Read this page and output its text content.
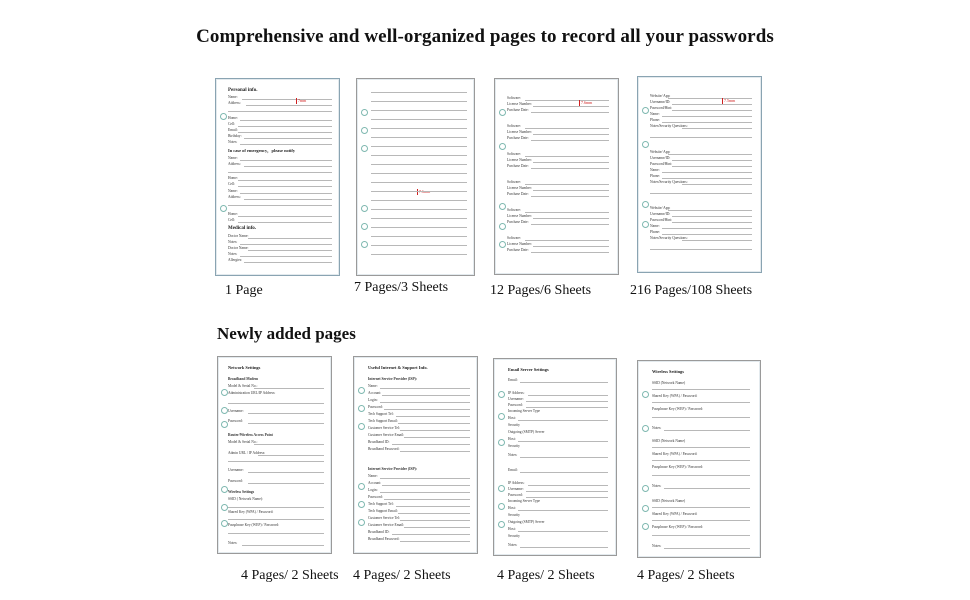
Comprehensive and well-organized pages to record all your passwords
Personal info.
Name:
Address:	7mm
Home:
Cell:
Email:
Birthday:
Notes:
In case of emergency，please notify
Name:
Address:
Home:
Cell:
Name:
Address:
Home:
Cell:
Medical info.
Doctor Name:
Notes:
Doctor Name:
Notes:
Allergies:
7.6mm
Software:
License Number:	7.6mm
Purchase Date:
Software:
License Number:
Purchase Date:
Software:
License Number:
Purchase Date:
Software:
License Number:
Purchase Date:
Software:
License Number:
Purchase Date:
Software:
License Number:
Purchase Date:
Website/ App:
Username/ID:	7.5mm
Password/Hint:
Name:
Phone:
Notes/Security Questions:
Website/ App:
Username/ID:
Password/Hint:
Name:
Phone:
Notes/Security Questions:
Website/ App:
Username/ID:
Password/Hint:
Name:
Phone:
Notes/Security Questions:
1 Page	7 Pages/3 Sheets	12 Pages/6 Sheets	216 Pages/108 Sheets
Newly added pages
Network Settings
Broadband Modem
Model & Serial No.:
Administration URL/IP Address:
Username:
Password:
Router/Wireless Access Point
Model & Serial No.:
Admin URL / IP Address:
Username:
Password:
Wireless Settings
SSID ( Network Name):
Shared Key (WPA) / Password:
Passphrase Key (WEP) / Password:
Notes:
Useful Internet & Support Info.
Internet Service Provider (ISP):
Name:
Account:
Login:
Password:
Tech Support Tel:
Tech Support Email:
Customer Service Tel:
Customer Service Email:
Broadband ID:
Broadband Password:
Internet Service Provider (ISP):
Name:
Account:
Login:
Password:
Tech Support Tel:
Tech Support Email:
Customer Service Tel:
Customer Service Email:
Broadband ID:
Broadband Password:
Email Server Settings
Email:
IP Address:
Username:
Password:
Incoming Server Type
Host:
Security
Outgoing (SMTP) Server
Host:
Security
Notes:
Email:
IP Address:
Username:
Password:
Incoming Server Type
Host:
Security
Outgoing (SMTP) Server
Host:
Security
Notes:
Wireless Settings
SSID (Network Name)
Shared Key (WPA) / Password:
Passphrase Key (WEP) / Password:
Notes:
SSID (Network Name)
Shared Key (WPA) / Password:
Passphrase Key (WEP) / Password:
Notes:
SSID (Network Name)
Shared Key (WPA) / Password:
Passphrase Key (WEP) / Password:
Notes:
4 Pages/ 2 Sheets 4 Pages/ 2 Sheets	4 Pages/ 2 Sheets	4 Pages/ 2 Sheets
